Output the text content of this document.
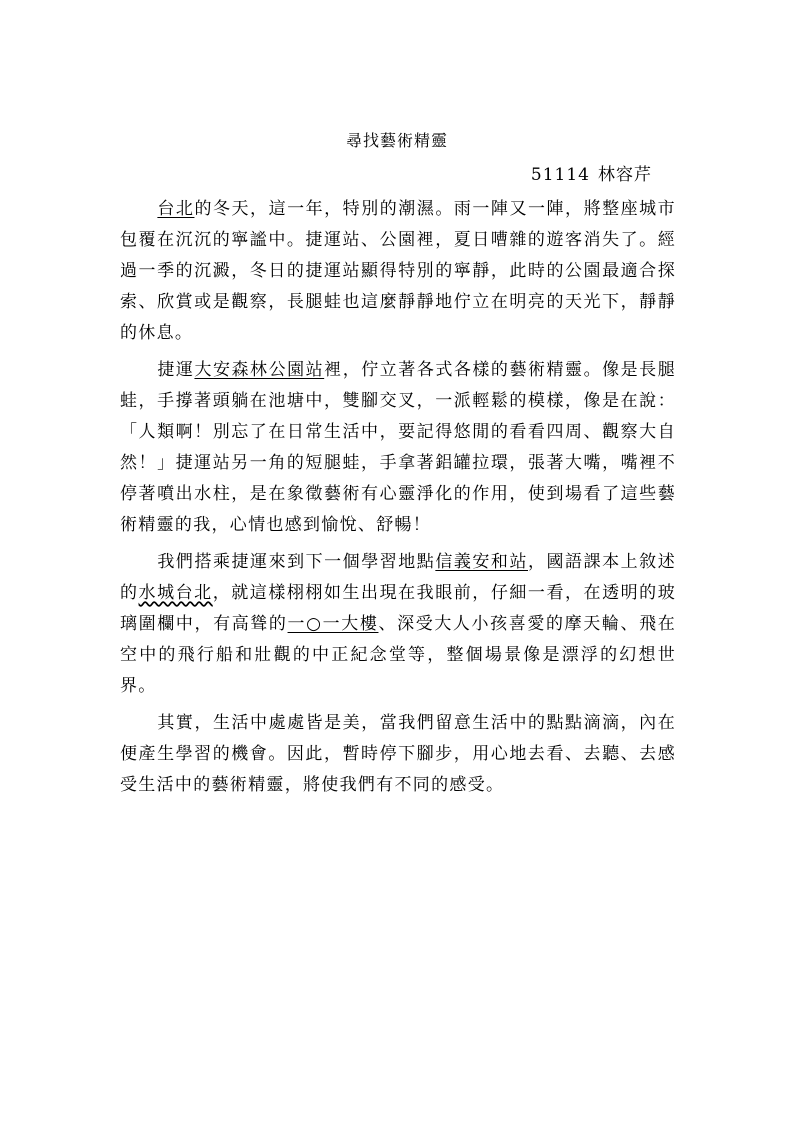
尋找藝術精靈
51114 林容芹

台北的冬天，這一年，特別的潮濕。雨一陣又一陣，將整座城市包覆在沉沉的寧謐中。捷運站、公園裡，夏日嘈雜的遊客消失了。經過一季的沉澱，冬日的捷運站顯得特別的寧靜，此時的公園最適合探索、欣賞或是觀察，長腿蛙也這麼靜靜地佇立在明亮的天光下，靜靜的休息。

捷運大安森林公園站裡，佇立著各式各樣的藝術精靈。像是長腿蛙，手撐著頭躺在池塘中，雙腳交叉，一派輕鬆的模樣，像是在說：「人類啊！別忘了在日常生活中，要記得悠閒的看看四周、觀察大自然！」捷運站另一角的短腿蛙，手拿著鋁罐拉環，張著大嘴，嘴裡不停著噴出水柱，是在象徵藝術有心靈淨化的作用，使到場看了這些藝術精靈的我，心情也感到愉悅、舒暢！

我們搭乘捷運來到下一個學習地點信義安和站，國語課本上敘述的水城台北，就這樣栩栩如生出現在我眼前，仔細一看，在透明的玻璃圍欄中，有高聳的一○一大樓、深受大人小孩喜愛的摩天輪、飛在空中的飛行船和壯觀的中正紀念堂等，整個場景像是漂浮的幻想世界。

其實，生活中處處皆是美，當我們留意生活中的點點滴滴，內在便產生學習的機會。因此，暫時停下腳步，用心地去看、去聽、去感受生活中的藝術精靈，將使我們有不同的感受。
